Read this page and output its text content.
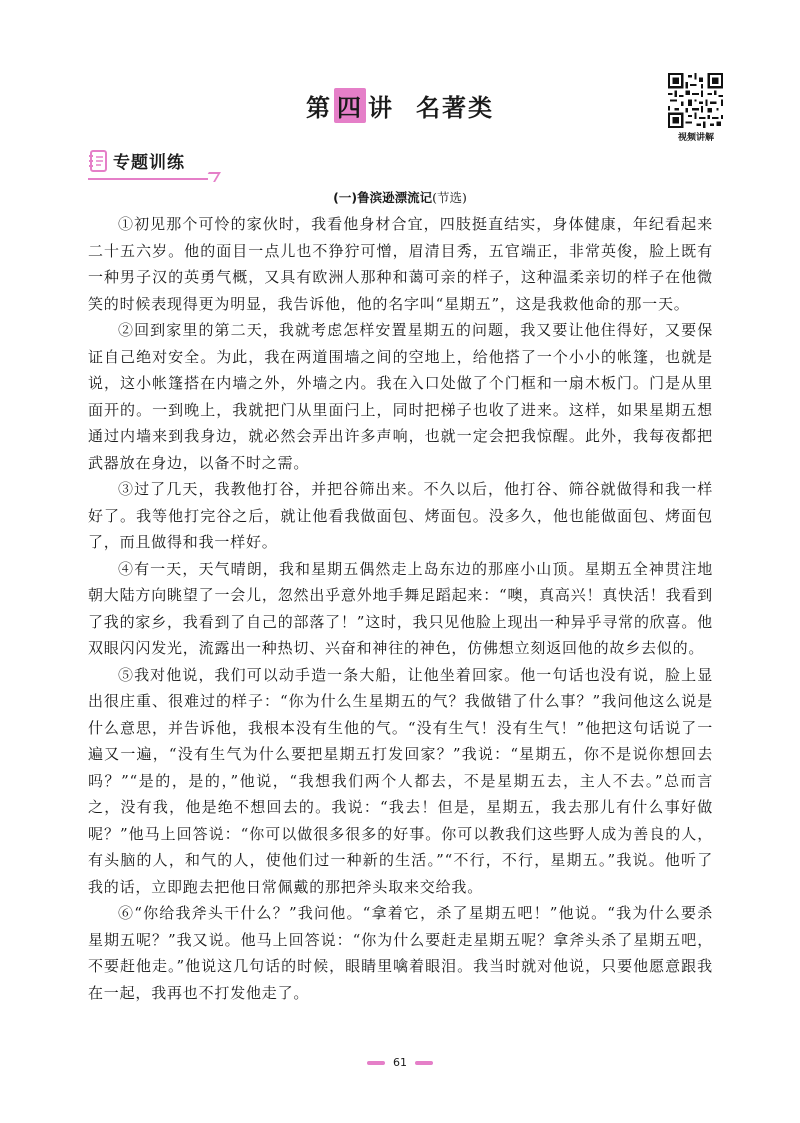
第 四 讲 名著类
视频讲解
专题训练
(一)鲁滨逊漂流记(节选)

①初见那个可怜的家伙时，我看他身材合宜，四肢挺直结实，身体健康，年纪看起来二十五六岁。他的面目一点儿也不狰狞可憎，眉清目秀，五官端正，非常英俊，脸上既有一种男子汉的英勇气概，又具有欧洲人那种和蔼可亲的样子，这种温柔亲切的样子在他微笑的时候表现得更为明显，我告诉他，他的名字叫“星期五”，这是我救他命的那一天。

②回到家里的第二天，我就考虑怎样安置星期五的问题，我又要让他住得好，又要保证自己绝对安全。为此，我在两道围墙之间的空地上，给他搭了一个小小的帐篷，也就是说，这小帐篷搭在内墙之外，外墙之内。我在入口处做了个门框和一扇木板门。门是从里面开的。一到晚上，我就把门从里面闩上，同时把梯子也收了进来。这样，如果星期五想通过内墙来到我身边，就必然会弄出许多声响，也就一定会把我惊醒。此外，我每夜都把武器放在身边，以备不时之需。

③过了几天，我教他打谷，并把谷筛出来。不久以后，他打谷、筛谷就做得和我一样好了。我等他打完谷之后，就让他看我做面包、烤面包。没多久，他也能做面包、烤面包了，而且做得和我一样好。

④有一天，天气晴朗，我和星期五偶然走上岛东边的那座小山顶。星期五全神贯注地朝大陆方向眺望了一会儿，忽然出乎意外地手舞足蹈起来：“噢，真高兴！真快活！我看到了我的家乡，我看到了自己的部落了！”这时，我只见他脸上现出一种异乎寻常的欣喜。他双眼闪闪发光，流露出一种热切、兴奋和神往的神色，仿佛想立刻返回他的故乡去似的。

⑤我对他说，我们可以动手造一条大船，让他坐着回家。他一句话也没有说，脸上显出很庄重、很难过的样子：“你为什么生星期五的气？我做错了什么事？”我问他这么说是什么意思，并告诉他，我根本没有生他的气。“没有生气！没有生气！”他把这句话说了一遍又一遍，“没有生气为什么要把星期五打发回家？”我说：“星期五，你不是说你想回去吗？”“是的，是的，”他说，“我想我们两个人都去，不是星期五去，主人不去。”总而言之，没有我，他是绝不想回去的。我说：“我去！但是，星期五，我去那儿有什么事好做呢？”他马上回答说：“你可以做很多很多的好事。你可以教我们这些野人成为善良的人，有头脑的人，和气的人，使他们过一种新的生活。”“不行，不行，星期五。”我说。他听了我的话，立即跑去把他日常佩戴的那把斧头取来交给我。

⑥“你给我斧头干什么？”我问他。“拿着它，杀了星期五吧！”他说。“我为什么要杀星期五呢？”我又说。他马上回答说：“你为什么要赶走星期五呢？拿斧头杀了星期五吧，不要赶他走。”他说这几句话的时候，眼睛里噙着眼泪。我当时就对他说，只要他愿意跟我在一起，我再也不打发他走了。

61
